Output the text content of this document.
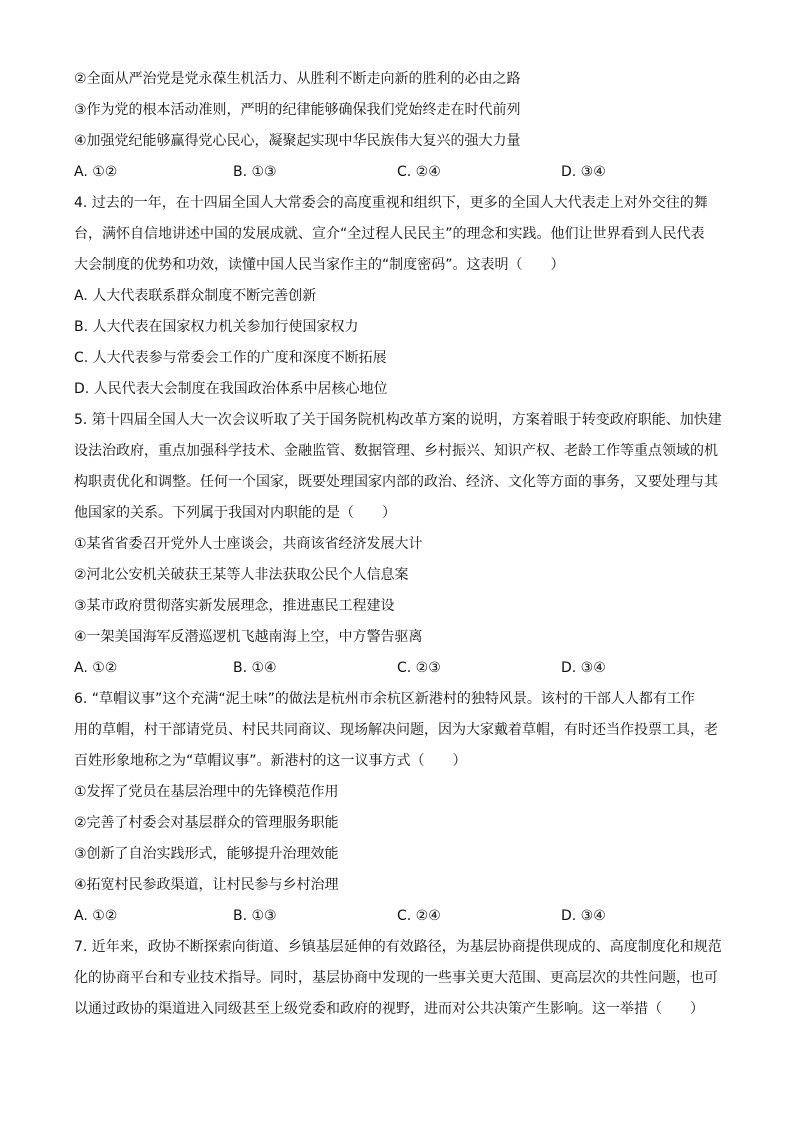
②全面从严治党是党永葆生机活力、从胜利不断走向新的胜利的必由之路
③作为党的根本活动准则，严明的纪律能够确保我们党始终走在时代前列
④加强党纪能够赢得党心民心，凝聚起实现中华民族伟大复兴的强大力量
A. ①②	B. ①③	C. ②④	D. ③④
4. 过去的一年，在十四届全国人大常委会的高度重视和组织下，更多的全国人大代表走上对外交往的舞
台，满怀自信地讲述中国的发展成就、宣介“全过程人民民主”的理念和实践。他们让世界看到人民代表
大会制度的优势和功效，读懂中国人民当家作主的“制度密码”。这表明（　　）
A. 人大代表联系群众制度不断完善创新
B. 人大代表在国家权力机关参加行使国家权力
C. 人大代表参与常委会工作的广度和深度不断拓展
D. 人民代表大会制度在我国政治体系中居核心地位
5. 第十四届全国人大一次会议听取了关于国务院机构改革方案的说明，方案着眼于转变政府职能、加快建
设法治政府，重点加强科学技术、金融监管、数据管理、乡村振兴、知识产权、老龄工作等重点领域的机
构职责优化和调整。任何一个国家，既要处理国家内部的政治、经济、文化等方面的事务，又要处理与其
他国家的关系。下列属于我国对内职能的是（　　）
①某省省委召开党外人士座谈会，共商该省经济发展大计
②河北公安机关破获王某等人非法获取公民个人信息案
③某市政府贯彻落实新发展理念，推进惠民工程建设
④一架美国海军反潜巡逻机飞越南海上空，中方警告驱离
A. ①②	B. ①④	C. ②③	D. ③④
6. “草帽议事”这个充满“泥土味”的做法是杭州市余杭区新港村的独特风景。该村的干部人人都有工作
用的草帽，村干部请党员、村民共同商议、现场解决问题，因为大家戴着草帽，有时还当作投票工具，老
百姓形象地称之为“草帽议事”。新港村的这一议事方式（　　）
①发挥了党员在基层治理中的先锋模范作用
②完善了村委会对基层群众的管理服务职能
③创新了自治实践形式，能够提升治理效能
④拓宽村民参政渠道，让村民参与乡村治理
A. ①②	B. ①③	C. ②④	D. ③④
7. 近年来，政协不断探索向街道、乡镇基层延伸的有效路径，为基层协商提供现成的、高度制度化和规范
化的协商平台和专业技术指导。同时，基层协商中发现的一些事关更大范围、更高层次的共性问题，也可
以通过政协的渠道进入同级甚至上级党委和政府的视野，进而对公共决策产生影响。这一举措（　　）
